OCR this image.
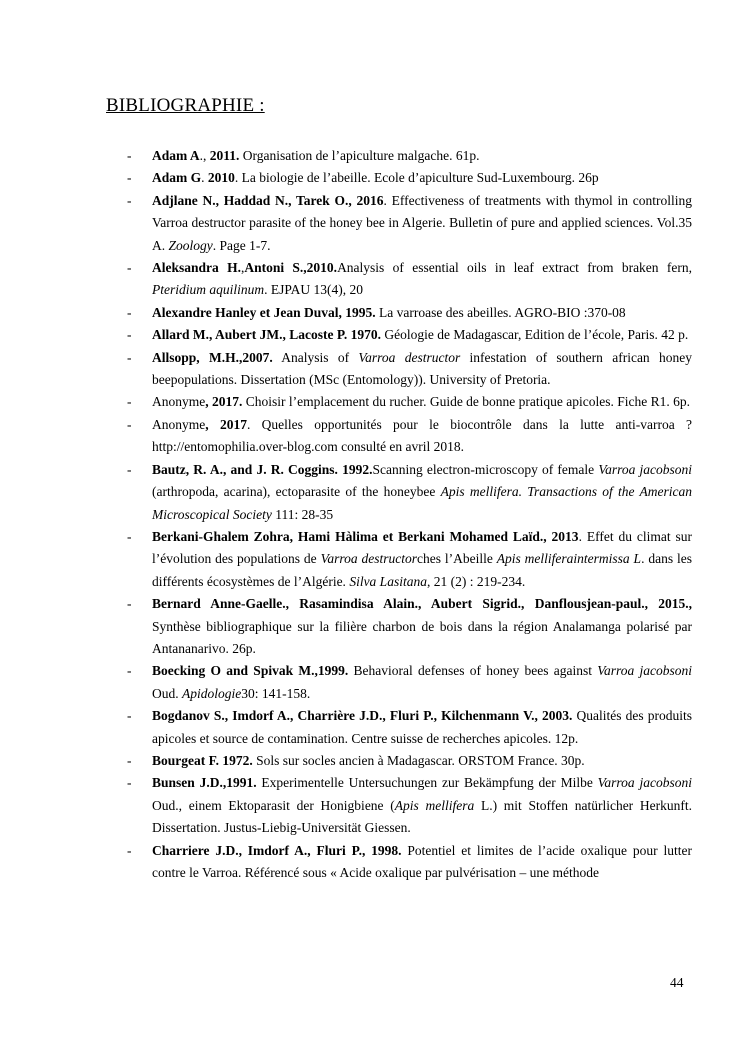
BIBLIOGRAPHIE :
- Adam A., 2011. Organisation de l’apiculture malgache. 61p.
- Adam G. 2010. La biologie de l’abeille. Ecole d’apiculture Sud-Luxembourg. 26p
- Adjlane N., Haddad N., Tarek O., 2016. Effectiveness of treatments with thymol in controlling Varroa destructor parasite of the honey bee in Algerie. Bulletin of pure and applied sciences. Vol.35 A. Zoology. Page 1-7.
- Aleksandra H.,Antoni S.,2010.Analysis of essential oils in leaf extract from braken fern, Pteridium aquilinum. EJPAU 13(4), 20
- Alexandre Hanley et Jean Duval, 1995. La varroase des abeilles. AGRO-BIO :370-08
- Allard M., Aubert JM., Lacoste P. 1970. Géologie de Madagascar, Edition de l’école, Paris. 42 p.
- Allsopp, M.H.,2007. Analysis of Varroa destructor infestation of southern african honey beepopulations. Dissertation (MSc (Entomology)). University of Pretoria.
- Anonyme, 2017. Choisir l’emplacement du rucher. Guide de bonne pratique apicoles. Fiche R1. 6p.
- Anonyme, 2017. Quelles opportunités pour le biocontrôle dans la lutte anti-varroa ? http://entomophilia.over-blog.com consulté en avril 2018.
- Bautz, R. A., and J. R. Coggins. 1992.Scanning electron-microscopy of female Varroa jacobsoni (arthropoda, acarina), ectoparasite of the honeybee Apis mellifera. Transactions of the American Microscopical Society 111: 28-35
- Berkani-Ghalem Zohra, Hami Hàlima et Berkani Mohamed Laïd., 2013. Effet du climat sur l’évolution des populations de Varroa destructorches l’Abeille Apis melliferaintermissa L. dans les différents écosystèmes de l’Algérie. Silva Lasitana, 21 (2) : 219-234.
- Bernard Anne-Gaelle., Rasamindisa Alain., Aubert Sigrid., Danflousjean-paul., 2015., Synthèse bibliographique sur la filière charbon de bois dans la région Analamanga polarisé par Antananarivo. 26p.
- Boecking O and Spivak M.,1999. Behavioral defenses of honey bees against Varroa jacobsoni Oud. Apidologie30: 141-158.
- Bogdanov S., Imdorf A., Charrière J.D., Fluri P., Kilchenmann V., 2003. Qualités des produits apicoles et source de contamination. Centre suisse de recherches apicoles. 12p.
- Bourgeat F. 1972. Sols sur socles ancien à Madagascar. ORSTOM France. 30p.
- Bunsen J.D.,1991. Experimentelle Untersuchungen zur Bekämpfung der Milbe Varroa jacobsoni Oud., einem Ektoparasit der Honigbiene (Apis mellifera L.) mit Stoffen natürlicher Herkunft. Dissertation. Justus-Liebig-Universität Giessen.
- Charriere J.D., Imdorf A., Fluri P., 1998. Potentiel et limites de l’acide oxalique pour lutter contre le Varroa. Référencé sous « Acide oxalique par pulvérisation – une méthode
44
